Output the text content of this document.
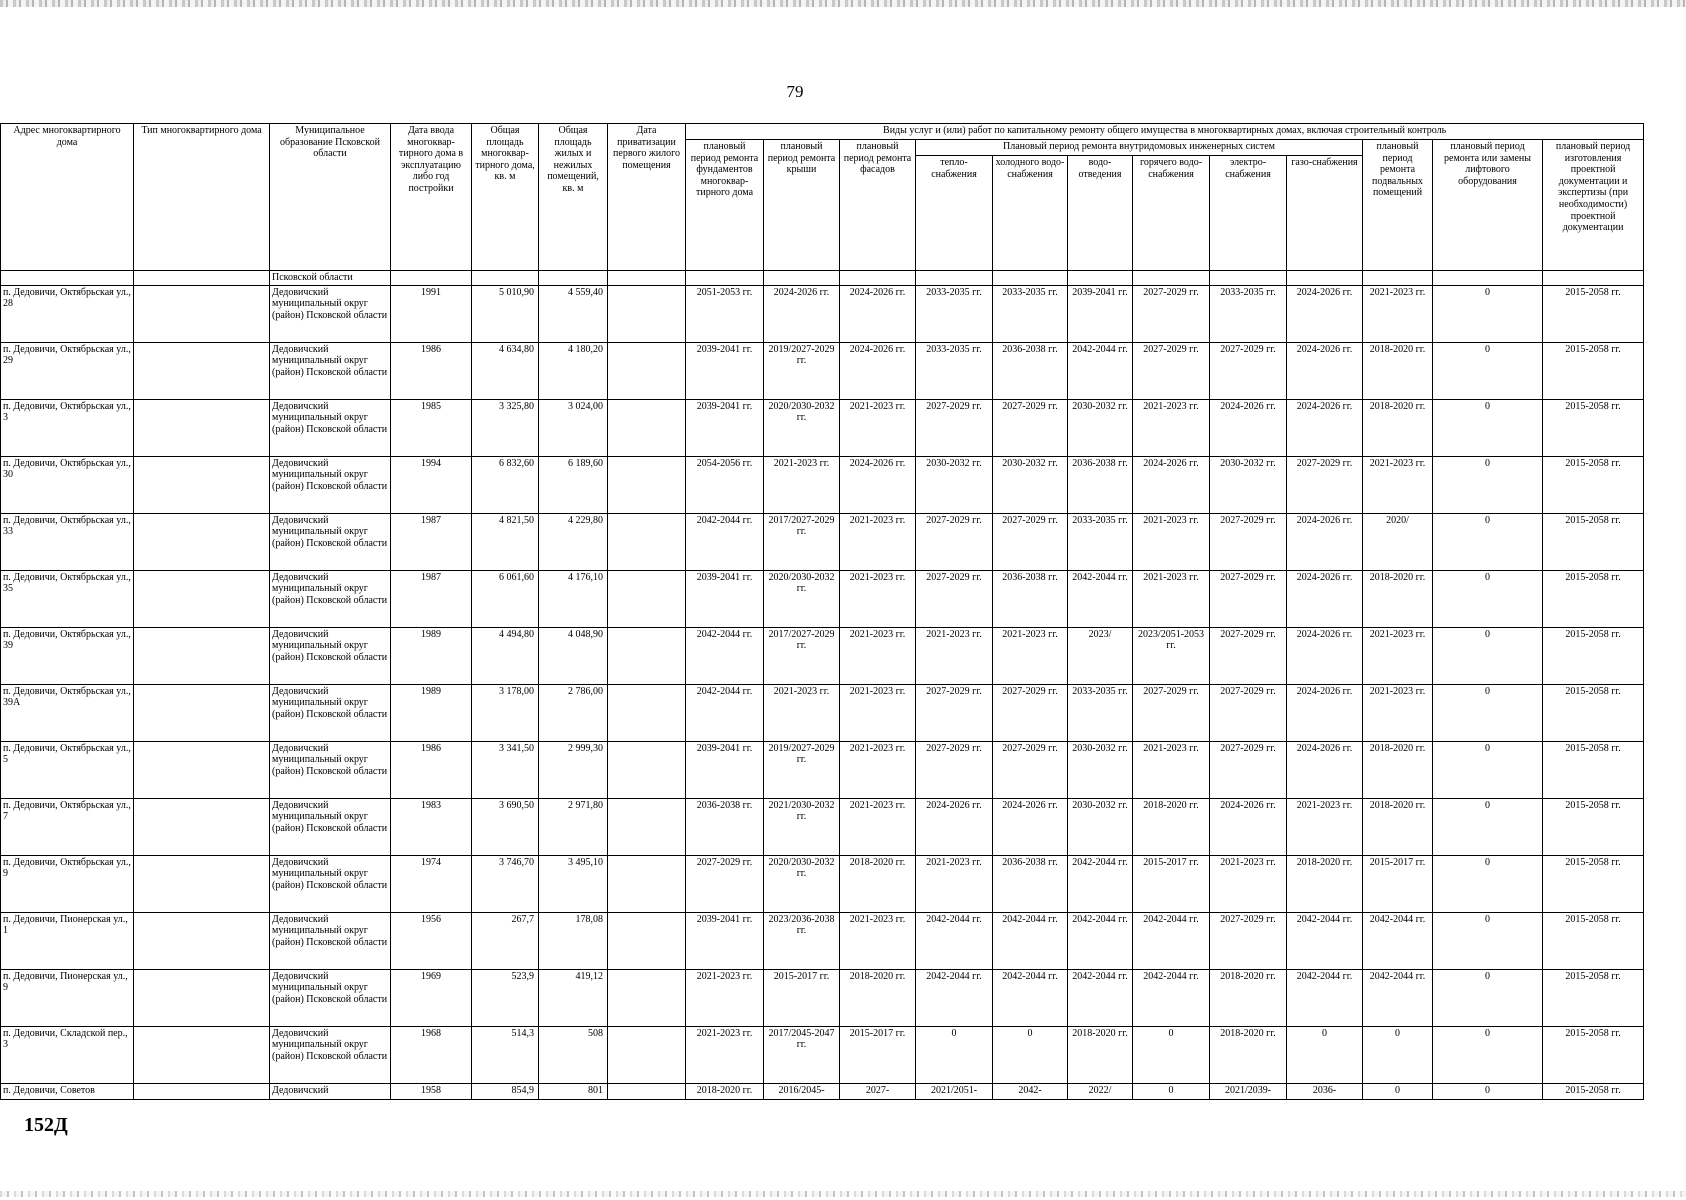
79
Адрес многоквартирного дома	Тип многоквартирного дома	Муниципальное образование Псковской области	Дата ввода многоквар-тирного дома в эксплуатацию либо год постройки	Общая площадь многоквар-тирного дома, кв. м	Общая площадь жилых и нежилых помещений, кв. м	Дата приватизации первого жилого помещения	Виды услуг и (или) работ по капитальному ремонту общего имущества в многоквартирных домах, включая строительный контроль											
							плановый период ремонта фундаментов многоквар-тирного дома	плановый период ремонта крыши	плановый период ремонта фасадов	Плановый период ремонта внутридомовых инженерных систем						плановый период ремонта подвальных помещений	плановый период ремонта или замены лифтового оборудования	плановый период изготовления проектной документации и экспертизы (при необходимости) проектной документации
										тепло-снабжения	холодного водо-снабжения	водо-отведения	горячего водо-снабжения	электро-снабжения	газо-снабжения			
		Псковской области																
п. Дедовичи, Октябрьская ул., 28		Дедовичский муниципальный округ (район) Псковской области	1991	5 010,90	4 559,40		2051-2053 гг.	2024-2026 гг.	2024-2026 гг.	2033-2035 гг.	2033-2035 гг.	2039-2041 гг.	2027-2029 гг.	2033-2035 гг.	2024-2026 гг.	2021-2023 гг.	0	2015-2058 гг.
п. Дедовичи, Октябрьская ул., 29		Дедовичский муниципальный округ (район) Псковской области	1986	4 634,80	4 180,20		2039-2041 гг.	2019/2027-2029 гг.	2024-2026 гг.	2033-2035 гг.	2036-2038 гг.	2042-2044 гг.	2027-2029 гг.	2027-2029 гг.	2024-2026 гг.	2018-2020 гг.	0	2015-2058 гг.
п. Дедовичи, Октябрьская ул., 3		Дедовичский муниципальный округ (район) Псковской области	1985	3 325,80	3 024,00		2039-2041 гг.	2020/2030-2032 гг.	2021-2023 гг.	2027-2029 гг.	2027-2029 гг.	2030-2032 гг.	2021-2023 гг.	2024-2026 гг.	2024-2026 гг.	2018-2020 гг.	0	2015-2058 гг.
п. Дедовичи, Октябрьская ул., 30		Дедовичский муниципальный округ (район) Псковской области	1994	6 832,60	6 189,60		2054-2056 гг.	2021-2023 гг.	2024-2026 гг.	2030-2032 гг.	2030-2032 гг.	2036-2038 гг.	2024-2026 гг.	2030-2032 гг.	2027-2029 гг.	2021-2023 гг.	0	2015-2058 гг.
п. Дедовичи, Октябрьская ул., 33		Дедовичский муниципальный округ (район) Псковской области	1987	4 821,50	4 229,80		2042-2044 гг.	2017/2027-2029 гг.	2021-2023 гг.	2027-2029 гг.	2027-2029 гг.	2033-2035 гг.	2021-2023 гг.	2027-2029 гг.	2024-2026 гг.	2020/	0	2015-2058 гг.
п. Дедовичи, Октябрьская ул., 35		Дедовичский муниципальный округ (район) Псковской области	1987	6 061,60	4 176,10		2039-2041 гг.	2020/2030-2032 гг.	2021-2023 гг.	2027-2029 гг.	2036-2038 гг.	2042-2044 гг.	2021-2023 гг.	2027-2029 гг.	2024-2026 гг.	2018-2020 гг.	0	2015-2058 гг.
п. Дедовичи, Октябрьская ул., 39		Дедовичский муниципальный округ (район) Псковской области	1989	4 494,80	4 048,90		2042-2044 гг.	2017/2027-2029 гг.	2021-2023 гг.	2021-2023 гг.	2021-2023 гг.	2023/	2023/2051-2053 гг.	2027-2029 гг.	2024-2026 гг.	2021-2023 гг.	0	2015-2058 гг.
п. Дедовичи, Октябрьская ул., 39А		Дедовичский муниципальный округ (район) Псковской области	1989	3 178,00	2 786,00		2042-2044 гг.	2021-2023 гг.	2021-2023 гг.	2027-2029 гг.	2027-2029 гг.	2033-2035 гг.	2027-2029 гг.	2027-2029 гг.	2024-2026 гг.	2021-2023 гг.	0	2015-2058 гг.
п. Дедовичи, Октябрьская ул., 5		Дедовичский муниципальный округ (район) Псковской области	1986	3 341,50	2 999,30		2039-2041 гг.	2019/2027-2029 гг.	2021-2023 гг.	2027-2029 гг.	2027-2029 гг.	2030-2032 гг.	2021-2023 гг.	2027-2029 гг.	2024-2026 гг.	2018-2020 гг.	0	2015-2058 гг.
п. Дедовичи, Октябрьская ул., 7		Дедовичский муниципальный округ (район) Псковской области	1983	3 690,50	2 971,80		2036-2038 гг.	2021/2030-2032 гг.	2021-2023 гг.	2024-2026 гг.	2024-2026 гг.	2030-2032 гг.	2018-2020 гг.	2024-2026 гг.	2021-2023 гг.	2018-2020 гг.	0	2015-2058 гг.
п. Дедовичи, Октябрьская ул., 9		Дедовичский муниципальный округ (район) Псковской области	1974	3 746,70	3 495,10		2027-2029 гг.	2020/2030-2032 гг.	2018-2020 гг.	2021-2023 гг.	2036-2038 гг.	2042-2044 гг.	2015-2017 гг.	2021-2023 гг.	2018-2020 гг.	2015-2017 гг.	0	2015-2058 гг.
п. Дедовичи, Пионерская ул., 1		Дедовичский муниципальный округ (район) Псковской области	1956	267,7	178,08		2039-2041 гг.	2023/2036-2038 гг.	2021-2023 гг.	2042-2044 гг.	2042-2044 гг.	2042-2044 гг.	2042-2044 гг.	2027-2029 гг.	2042-2044 гг.	2042-2044 гг.	0	2015-2058 гг.
п. Дедовичи, Пионерская ул., 9		Дедовичский муниципальный округ (район) Псковской области	1969	523,9	419,12		2021-2023 гг.	2015-2017 гг.	2018-2020 гг.	2042-2044 гг.	2042-2044 гг.	2042-2044 гг.	2042-2044 гг.	2018-2020 гг.	2042-2044 гг.	2042-2044 гг.	0	2015-2058 гг.
п. Дедовичи, Складской пер., 3		Дедовичский муниципальный округ (район) Псковской области	1968	514,3	508		2021-2023 гг.	2017/2045-2047 гг.	2015-2017 гг.	0	0	2018-2020 гг.	0	2018-2020 гг.	0	0	0	2015-2058 гг.
п. Дедовичи, Советов		Дедовичский	1958	854,9	801		2018-2020 гг.	2016/2045-	2027-	2021/2051-	2042-	2022/	0	2021/2039-	2036-	0	0	2015-2058 гг.
152Д
